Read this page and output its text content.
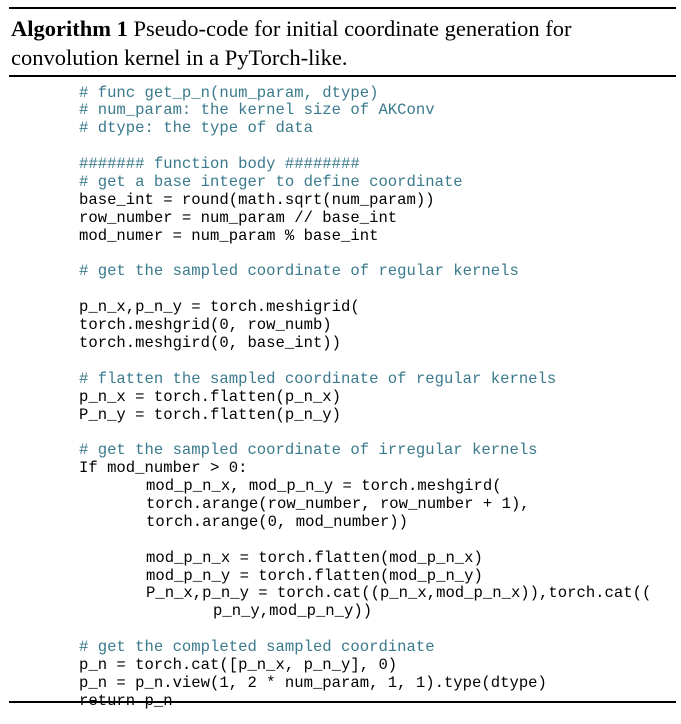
Algorithm 1 Pseudo-code for initial coordinate generation for convolution kernel in a PyTorch-like.
# func get_p_n(num_param, dtype)
# num_param: the kernel size of AKConv
# dtype: the type of data
####### function body ########
# get a base integer to define coordinate
base_int = round(math.sqrt(num_param))
row_number = num_param // base_int
mod_numer = num_param % base_int
# get the sampled coordinate of regular kernels
p_n_x,p_n_y = torch.meshigrid(
torch.meshgrid(0, row_numb)
torch.meshgird(0, base_int))
# flatten the sampled coordinate of regular kernels
p_n_x = torch.flatten(p_n_x)
P_n_y = torch.flatten(p_n_y)
# get the sampled coordinate of irregular kernels
If mod_number > 0:
mod_p_n_x, mod_p_n_y = torch.meshgird(
torch.arange(row_number, row_number + 1),
torch.arange(0, mod_number))
mod_p_n_x = torch.flatten(mod_p_n_x)
mod_p_n_y = torch.flatten(mod_p_n_y)
P_n_x,p_n_y = torch.cat((p_n_x,mod_p_n_x)),torch.cat((
p_n_y,mod_p_n_y))
# get the completed sampled coordinate
p_n = torch.cat([p_n_x, p_n_y], 0)
p_n = p_n.view(1, 2 * num_param, 1, 1).type(dtype)
return p_n
